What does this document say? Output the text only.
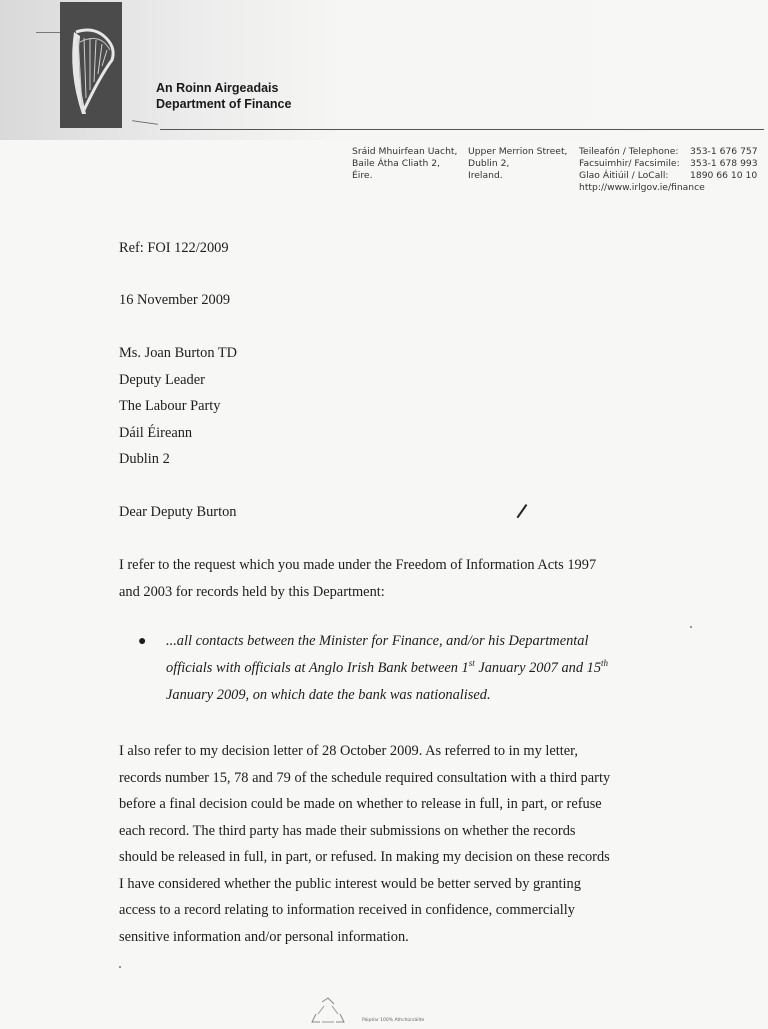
An Roinn Airgeadais
Department of Finance
Sráid Mhuirfean Uacht,
Baile Átha Cliath 2,
Éire.
Upper Merrion Street,
Dublin 2,
Ireland.
Teileafón / Telephone:	353-1 676 757
Facsuimhir/ Facsimile:	353-1 678 993
Glao Áitiúil / LoCall:	1890 66 10 10
http://www.irlgov.ie/finance
Ref: FOI 122/2009
16 November 2009
Ms. Joan Burton TD
Deputy Leader
The Labour Party
Dáil Éireann
Dublin 2
Dear Deputy Burton
I refer to the request which you made under the Freedom of Information Acts 1997
and 2003 for records held by this Department:
● ...all contacts between the Minister for Finance, and/or his Departmental
officials with officials at Anglo Irish Bank between 1st January 2007 and 15th
January 2009, on which date the bank was nationalised.
I also refer to my decision letter of 28 October 2009. As referred to in my letter,
records number 15, 78 and 79 of the schedule required consultation with a third party
before a final decision could be made on whether to release in full, in part, or refuse
each record. The third party has made their submissions on whether the records
should be released in full, in part, or refused. In making my decision on these records
I have considered whether the public interest would be better served by granting
access to a record relating to information received in confidence, commercially
sensitive information and/or personal information.
Páipéar 100% Athchúrsáilte
